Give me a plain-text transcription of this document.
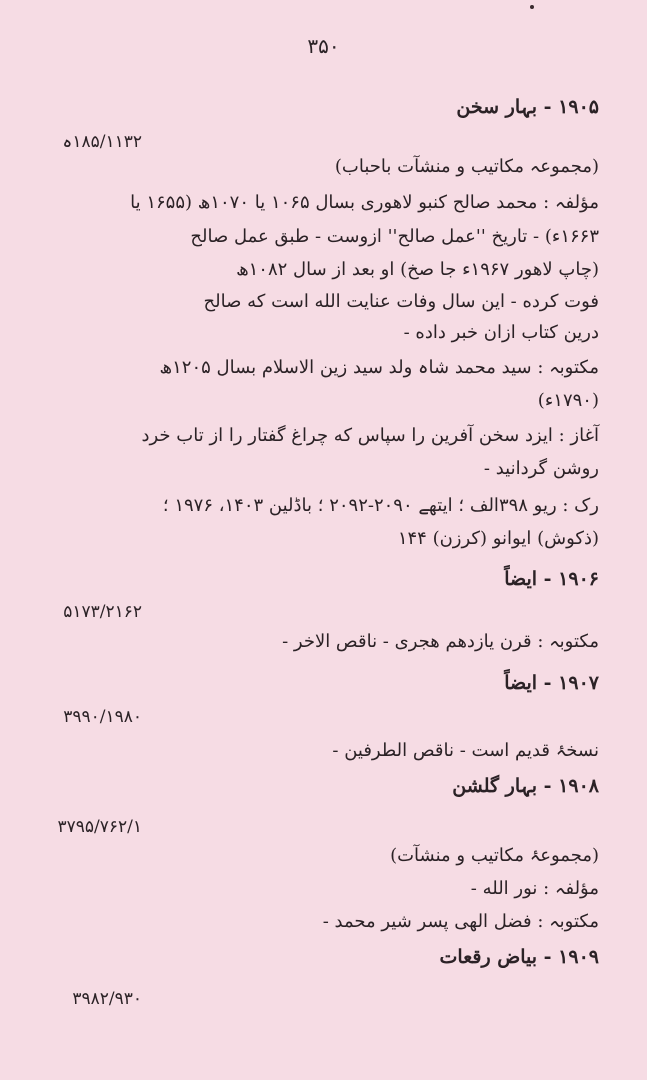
۳۵۰
۱۹۰۵ - بہار سخن
۱۸۵/۱۱۳۲ہ
(مجموعہ مکاتیب و منشآت باحباب)
مؤلفہ : محمد صالح کنبو لاهوری بسال ۱۰۶۵ یا ۱۰۷۰ھ (۱۶۵۵ یا
۱۶۶۳ء) - تاریخ ''عمل صالح'' ازوست - طبق عمل صالح
(چاپ لاهور ۱۹۶۷ء جا صخ) او بعد از سال ۱۰۸۲ھ
فوت کرده - این سال وفات عنایت الله است که صالح
درین کتاب ازان خبر داده -
مکتوبہ : سید محمد شاہ ولد سید زین الاسلام بسال ۱۲۰۵ھ
(۱۷۹۰ء)
آغاز : ایزد سخن آفرین را سپاس که چراغ گفتار را از تاب خرد
روشن گردانید -
رک : ریو ۳۹۸الف ؛ ایتھے ۲۰۹۰-۲۰۹۲ ؛ باڈلین ۱۴۰۳، ۱۹۷۶ ؛
(ذکوش) ایوانو (کرزن) ۱۴۴
۱۹۰۶ - ایضاً
۵۱۷۳/۲۱۶۲
مکتوبہ : قرن یازدهم هجری - ناقص الاخر -
۱۹۰۷ - ایضاً
۳۹۹۰/۱۹۸۰
نسخۂ قدیم است - ناقص الطرفین -
۱۹۰۸ - بہار گلشن
۳۷۹۵/۷۶۲/۱
(مجموعۂ مکاتیب و منشآت)
مؤلفہ : نور الله -
مکتوبہ : فضل الهی پسر شیر محمد -
۱۹۰۹ - بیاض رقعات
۳۹۸۲/۹۳۰
